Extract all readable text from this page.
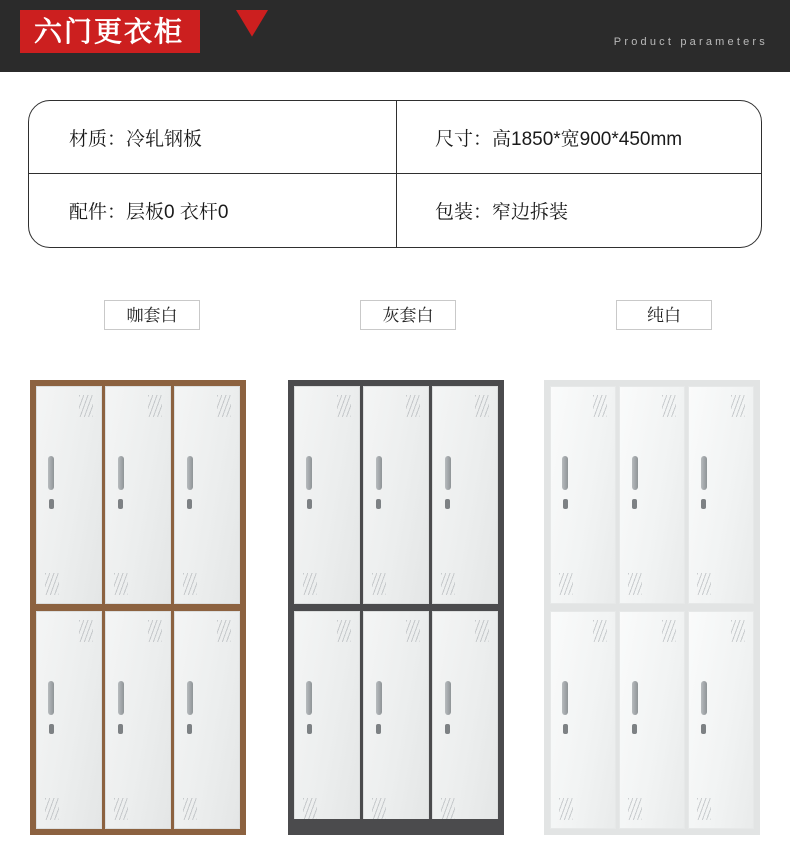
六门更衣柜	Product parameters
材质：冷轧钢板	尺寸：高1850*宽900*450mm
配件：层板0 衣杆0	包装：窄边拆装
咖套白	灰套白	纯白
